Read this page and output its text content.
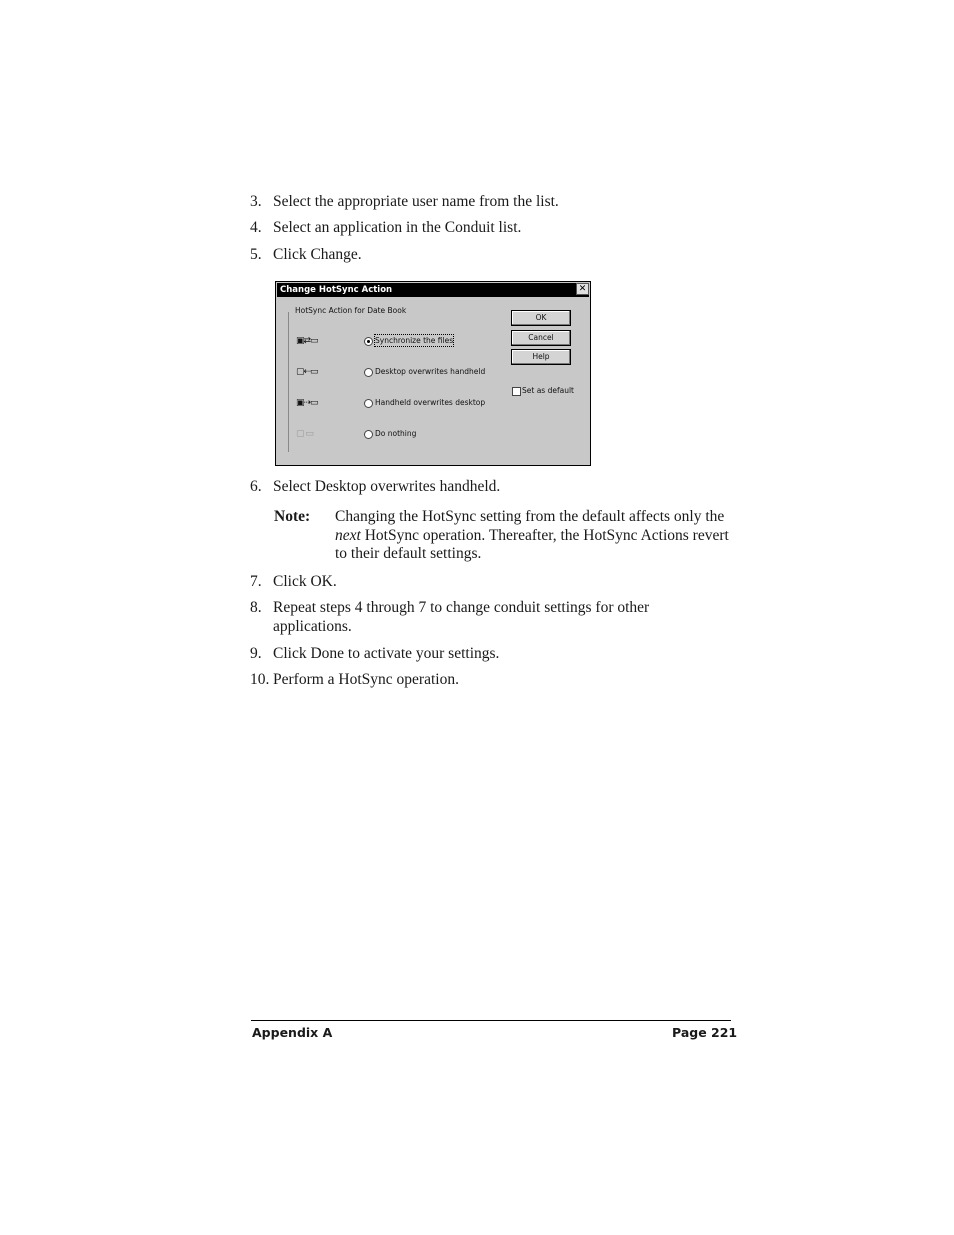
3. Select the appropriate user name from the list.
4. Select an application in the Conduit list.
5. Click Change.
Change HotSync Action	✕
HotSync Action for Date Book
▣⇄▭	Synchronize the files
▢⇠▭	Desktop overwrites handheld
▣⇢▭	Handheld overwrites desktop
▢ ▭	Do nothing
OK
Cancel
Help
Set as default
6. Select Desktop overwrites handheld.
Note: Changing the HotSync setting from the default affects only the next HotSync operation. Thereafter, the HotSync Actions revert to their default settings.
7. Click OK.
8. Repeat steps 4 through 7 to change conduit settings for other applications.
9. Click Done to activate your settings.
10. Perform a HotSync operation.
Appendix A	Page 221
